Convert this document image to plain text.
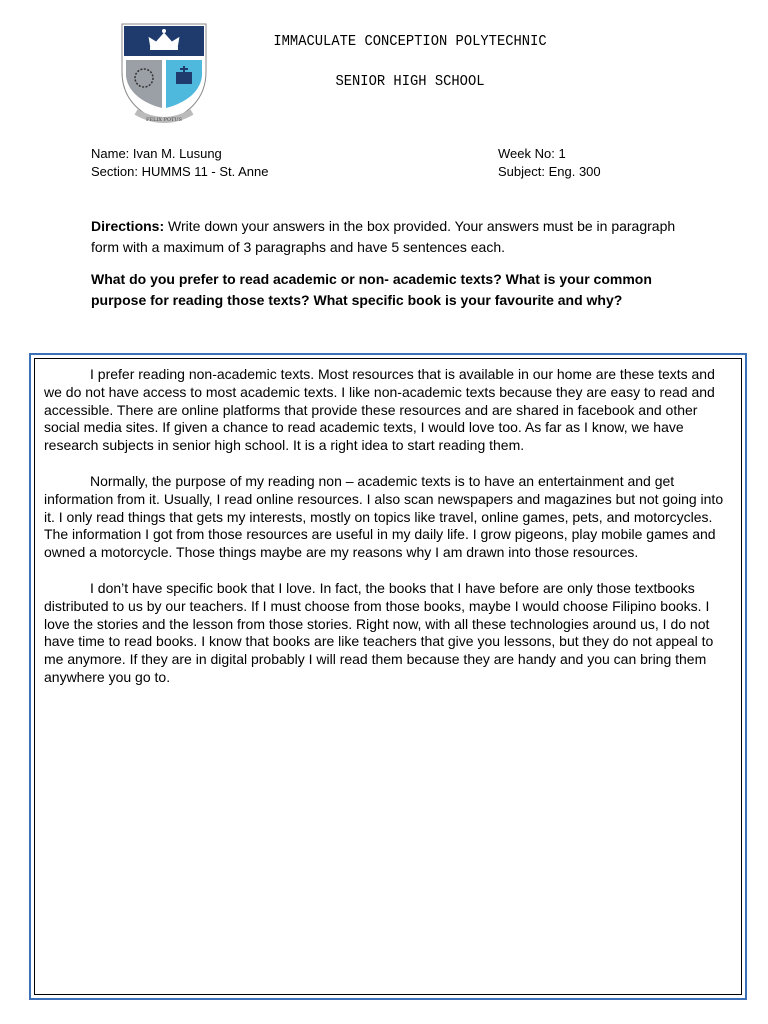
FELIX POTUS
IMMACULATE CONCEPTION POLYTECHNIC
SENIOR HIGH SCHOOL
Name: Ivan M. Lusung
Section: HUMMS 11 - St. Anne
Week No: 1
Subject: Eng. 300
Directions: Write down your answers in the box provided. Your answers must be in paragraph form with a maximum of 3 paragraphs and have 5 sentences each.
What do you prefer to read academic or non- academic texts? What is your common purpose for reading those texts? What specific book is your favourite and why?

I prefer reading non-academic texts. Most resources that is available in our home are these texts and we do not have access to most academic texts. I like non-academic texts because they are easy to read and accessible. There are online platforms that provide these resources and are shared in facebook and other social media sites. If given a chance to read academic texts, I would love too. As far as I know, we have research subjects in senior high school. It is a right idea to start reading them.

Normally, the purpose of my reading non – academic texts is to have an entertainment and get information from it. Usually, I read online resources. I also scan newspapers and magazines but not going into it. I only read things that gets my interests, mostly on topics like travel, online games, pets, and motorcycles. The information I got from those resources are useful in my daily life. I grow pigeons, play mobile games and owned a motorcycle. Those things maybe are my reasons why I am drawn into those resources.

I don’t have specific book that I love. In fact, the books that I have before are only those textbooks distributed to us by our teachers. If I must choose from those books, maybe I would choose Filipino books. I love the stories and the lesson from those stories. Right now, with all these technologies around us, I do not have time to read books. I know that books are like teachers that give you lessons, but they do not appeal to me anymore. If they are in digital probably I will read them because they are handy and you can bring them anywhere you go to.
